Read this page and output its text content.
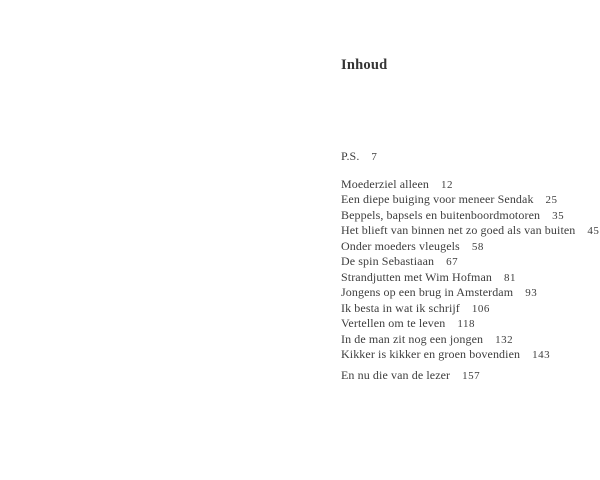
Inhoud
P.S. 7
Moederziel alleen 12
Een diepe buiging voor meneer Sendak 25
Beppels, bapsels en buitenboordmotoren 35
Het blieft van binnen net zo goed als van buiten 45
Onder moeders vleugels 58
De spin Sebastiaan 67
Strandjutten met Wim Hofman 81
Jongens op een brug in Amsterdam 93
Ik besta in wat ik schrijf 106
Vertellen om te leven 118
In de man zit nog een jongen 132
Kikker is kikker en groen bovendien 143
En nu die van de lezer 157
